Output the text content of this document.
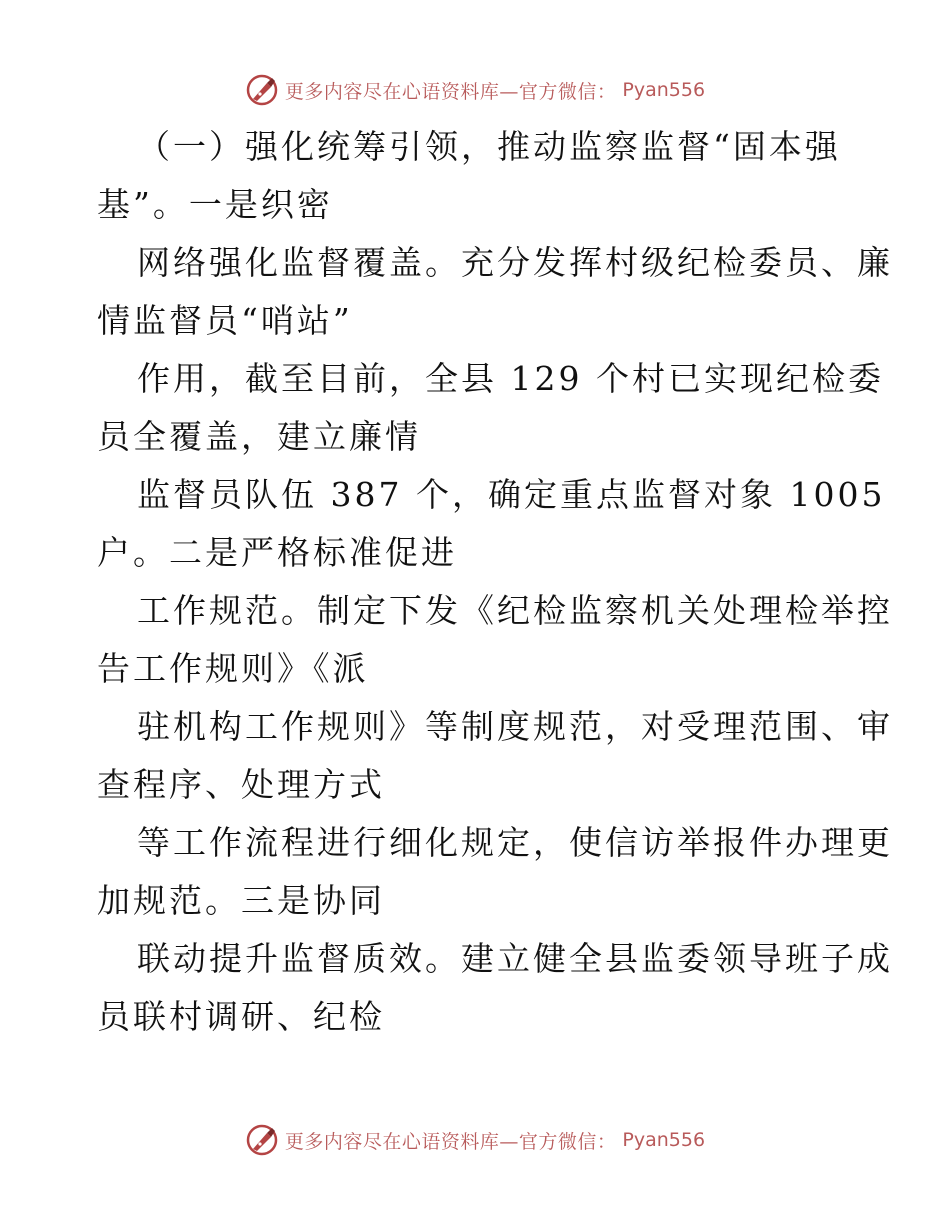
更多内容尽在心语资料库—官方微信： Pyan556
（一）强化统筹引领，推动监察监督“固本强
基”。一是织密
网络强化监督覆盖。充分发挥村级纪检委员、廉
情监督员“哨站”
作用，截至目前，全县 129 个村已实现纪检委
员全覆盖，建立廉情
监督员队伍 387 个，确定重点监督对象 1005
户。二是严格标准促进
工作规范。制定下发《纪检监察机关处理检举控
告工作规则》《派
驻机构工作规则》等制度规范，对受理范围、审
查程序、处理方式
等工作流程进行细化规定，使信访举报件办理更
加规范。三是协同
联动提升监督质效。建立健全县监委领导班子成
员联村调研、纪检
更多内容尽在心语资料库—官方微信： Pyan556
